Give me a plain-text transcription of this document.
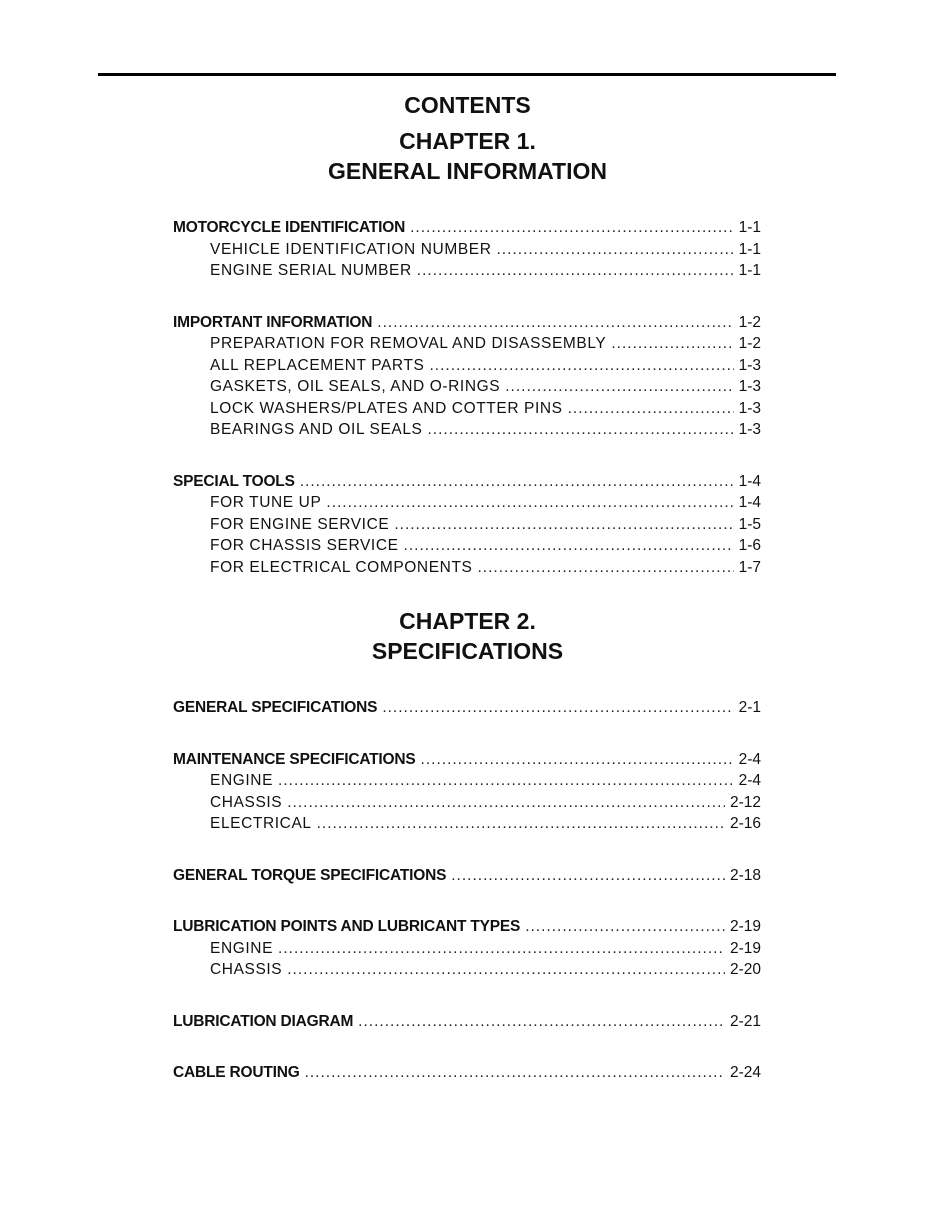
CONTENTS
CHAPTER 1.
GENERAL INFORMATION
MOTORCYCLE IDENTIFICATION .....	1-1
VEHICLE IDENTIFICATION NUMBER .....	1-1
ENGINE SERIAL NUMBER .....	1-1
IMPORTANT INFORMATION .....	1-2
PREPARATION FOR REMOVAL AND DISASSEMBLY .....	1-2
ALL REPLACEMENT PARTS .....	1-3
GASKETS, OIL SEALS, AND O-RINGS .....	1-3
LOCK WASHERS/PLATES AND COTTER PINS .....	1-3
BEARINGS AND OIL SEALS .....	1-3
SPECIAL TOOLS .....	1-4
FOR TUNE UP .....	1-4
FOR ENGINE SERVICE .....	1-5
FOR CHASSIS SERVICE .....	1-6
FOR ELECTRICAL COMPONENTS .....	1-7
CHAPTER 2.
SPECIFICATIONS
GENERAL SPECIFICATIONS .....	2-1
MAINTENANCE SPECIFICATIONS .....	2-4
ENGINE .....	2-4
CHASSIS .....	2-12
ELECTRICAL .....	2-16
GENERAL TORQUE SPECIFICATIONS .....	2-18
LUBRICATION POINTS AND LUBRICANT TYPES .....	2-19
ENGINE .....	2-19
CHASSIS .....	2-20
LUBRICATION DIAGRAM .....	2-21
CABLE ROUTING .....	2-24
